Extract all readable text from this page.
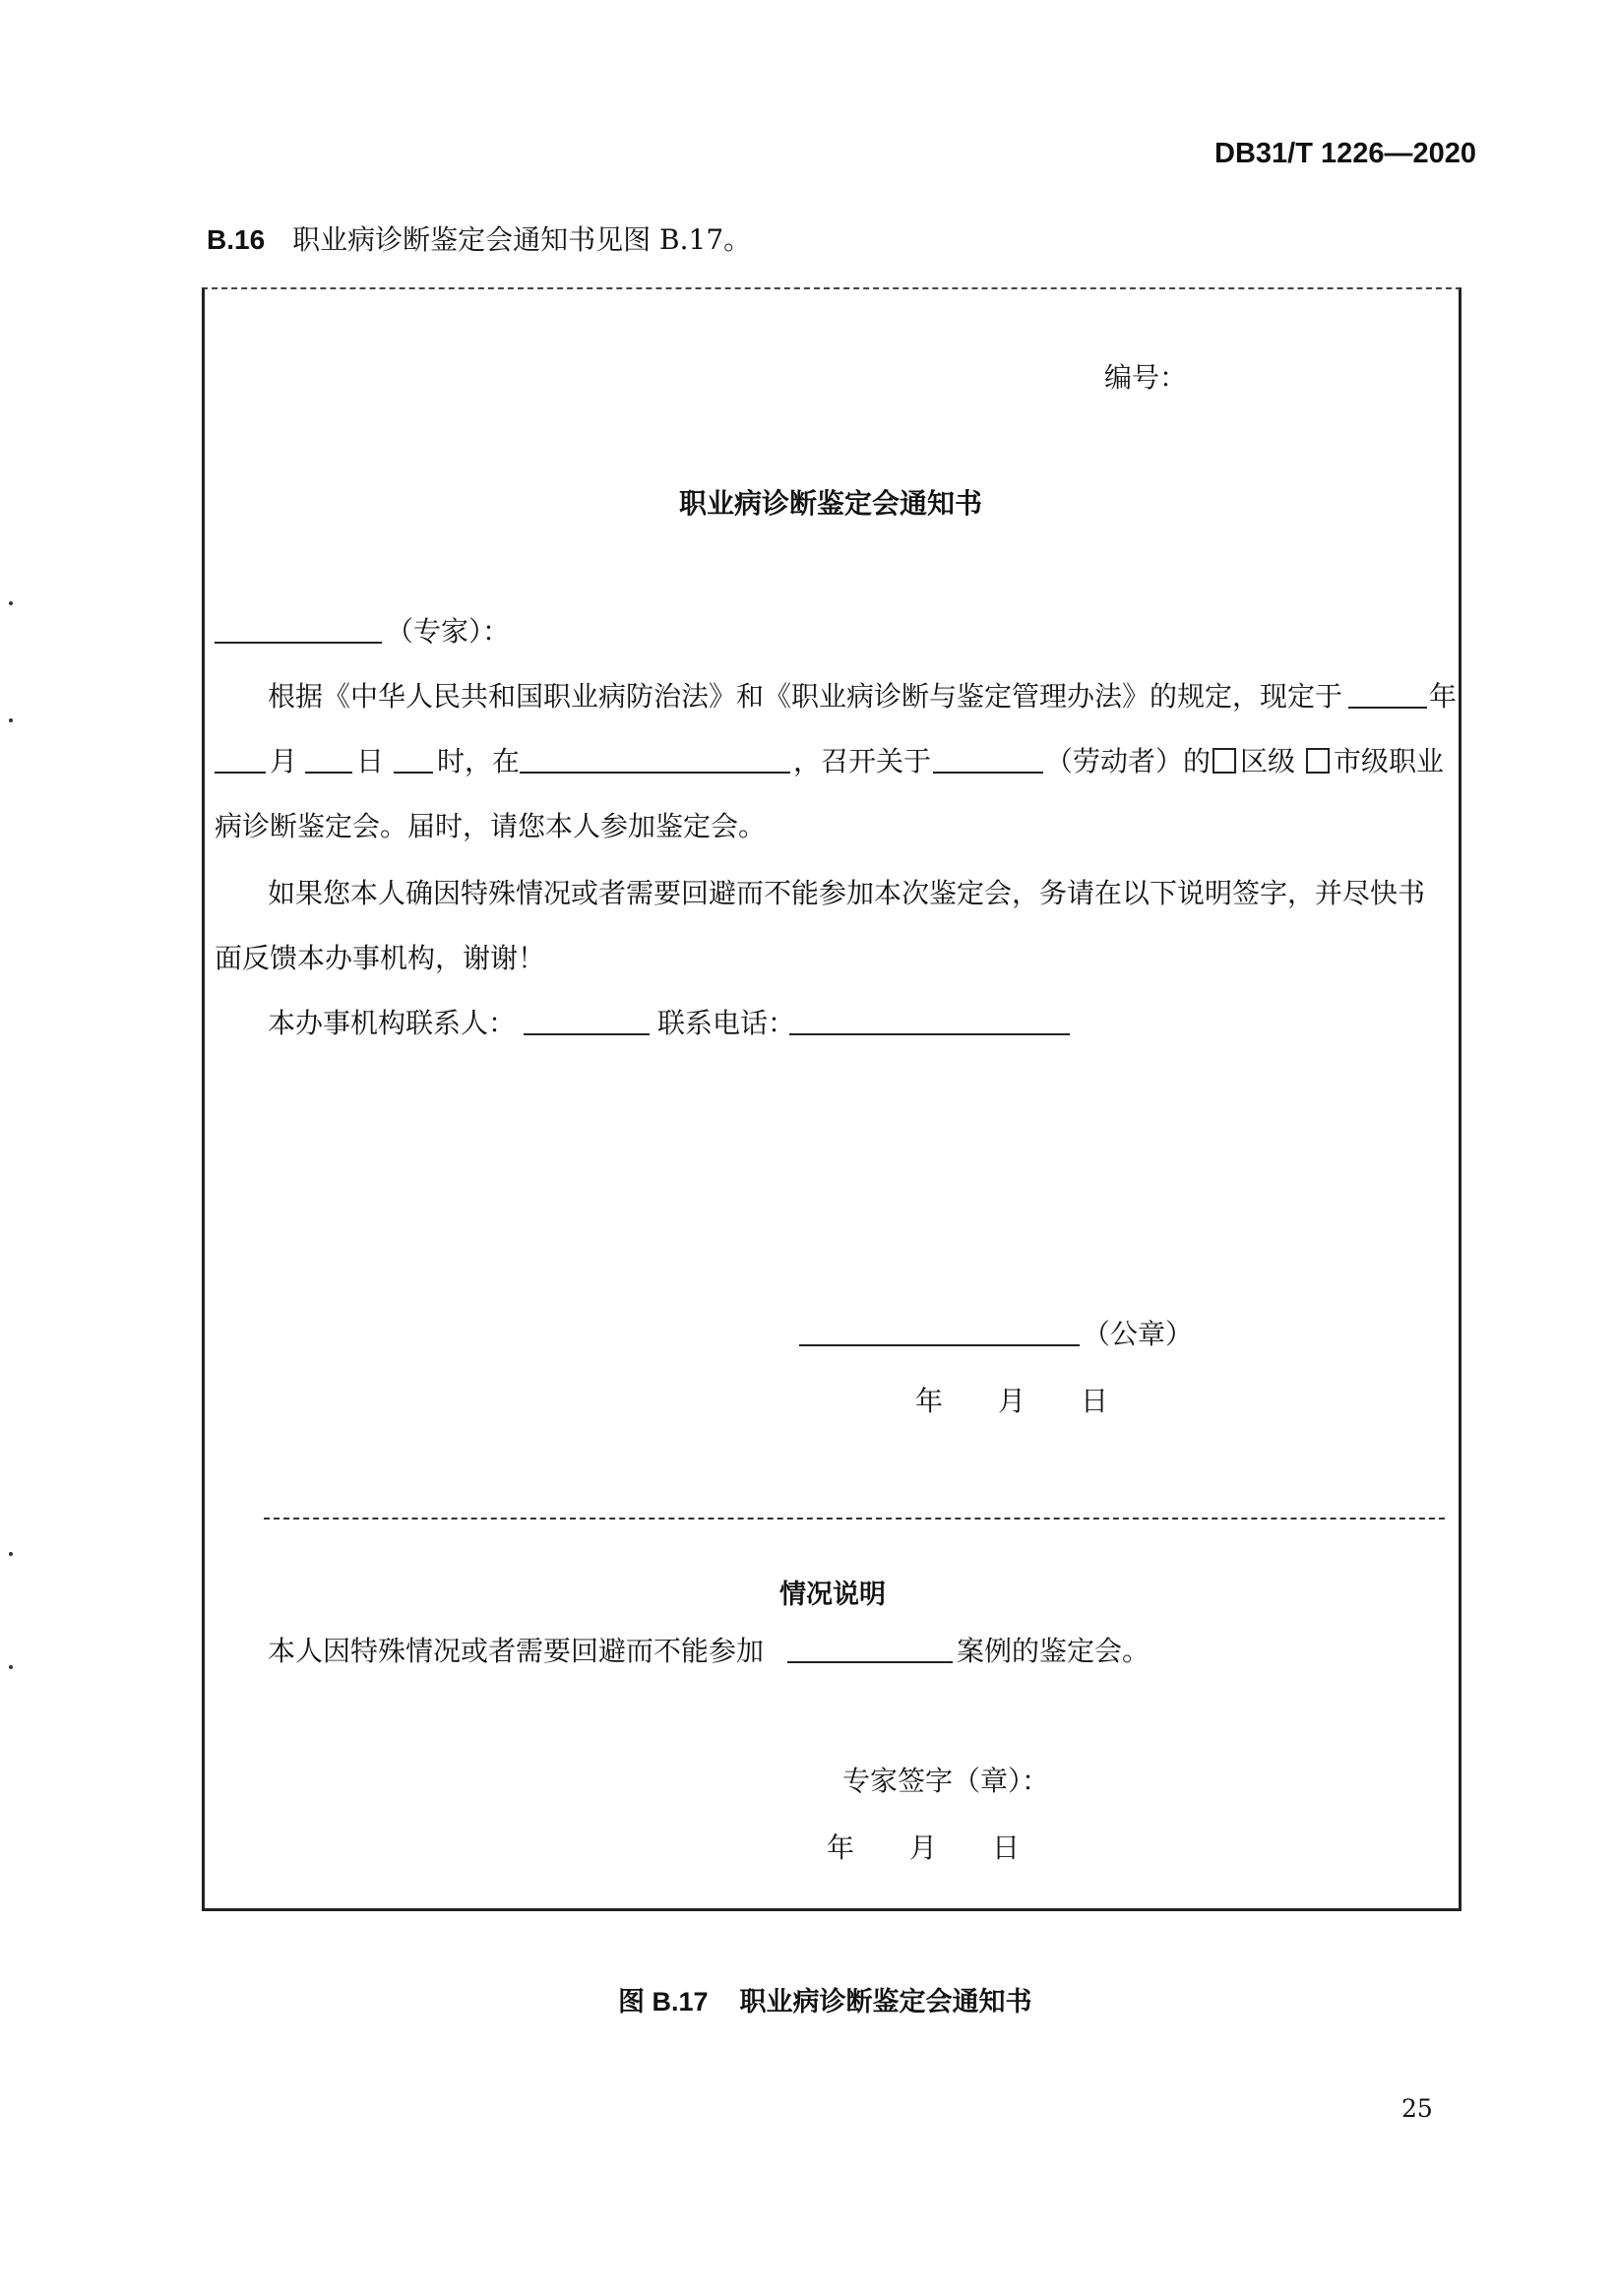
DB31/T 1226—2020
B.16 职业病诊断鉴定会通知书见图 B.17。
编号：
职业病诊断鉴定会通知书
（专家）：
根据《中华人民共和国职业病防治法》和《职业病诊断与鉴定管理办法》的规定，现定于	年
月 日 时，在	，召开关于	（劳动者）的 区级 市级职业
病诊断鉴定会。届时，请您本人参加鉴定会。
如果您本人确因特殊情况或者需要回避而不能参加本次鉴定会，务请在以下说明签字，并尽快书
面反馈本办事机构，谢谢！
本办事机构联系人：	联系电话：
（公章）
年 月 日
情况说明
本人因特殊情况或者需要回避而不能参加	案例的鉴定会。
专家签字（章）：
年 月 日
图 B.17 职业病诊断鉴定会通知书
25
